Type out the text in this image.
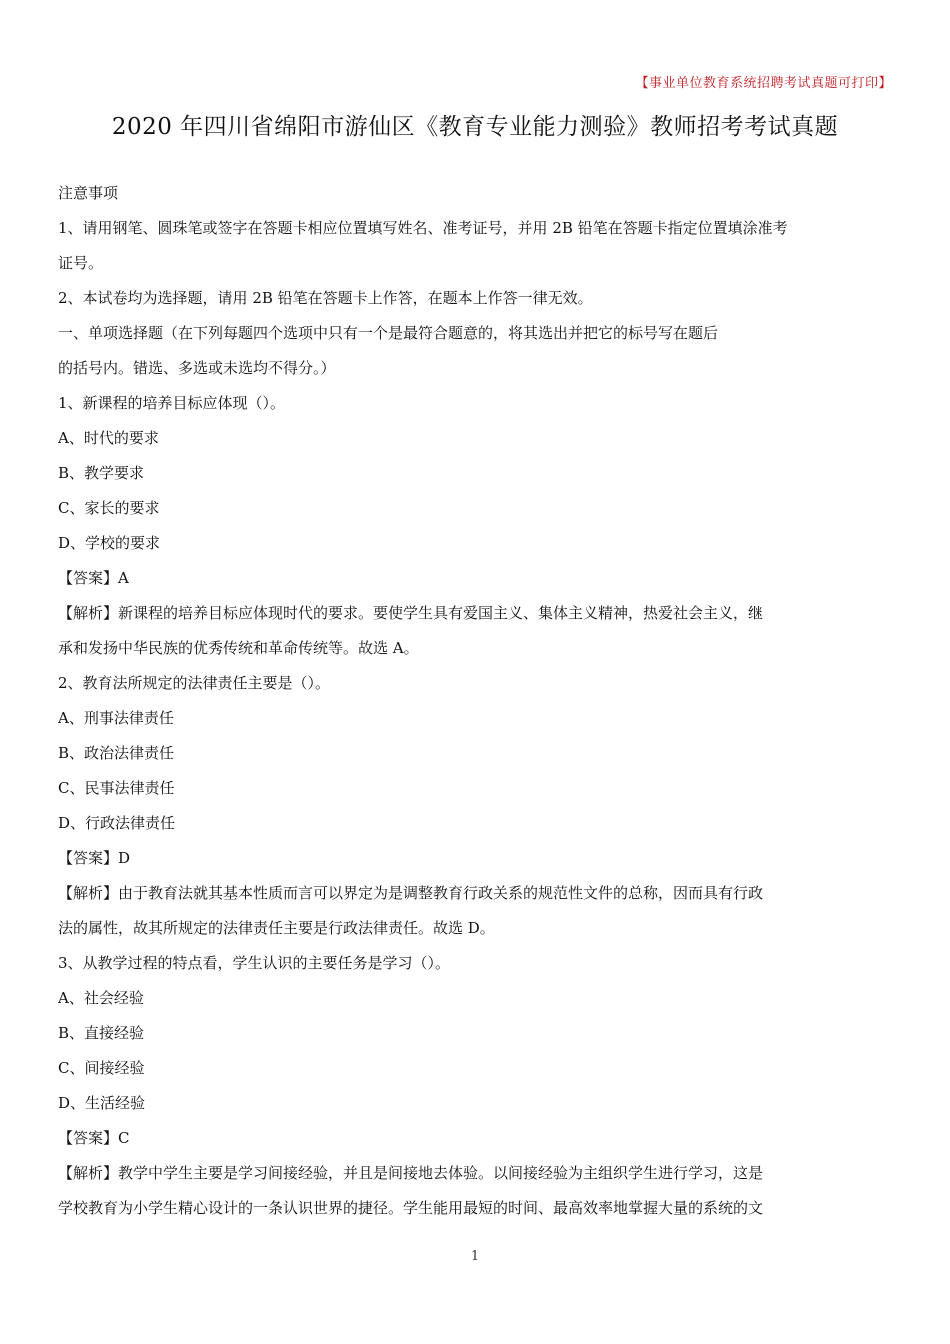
【事业单位教育系统招聘考试真题可打印】
2020 年四川省绵阳市游仙区《教育专业能力测验》教师招考考试真题
注意事项
1、请用钢笔、圆珠笔或签字在答题卡相应位置填写姓名、准考证号，并用 2B 铅笔在答题卡指定位置填涂准考
证号。
2、本试卷均为选择题，请用 2B 铅笔在答题卡上作答，在题本上作答一律无效。
一、单项选择题（在下列每题四个选项中只有一个是最符合题意的，将其选出并把它的标号写在题后
的括号内。错选、多选或未选均不得分。）
1、新课程的培养目标应体现（）。
A、时代的要求
B、教学要求
C、家长的要求
D、学校的要求
【答案】A
【解析】新课程的培养目标应体现时代的要求。要使学生具有爱国主义、集体主义精神，热爱社会主义，继
承和发扬中华民族的优秀传统和革命传统等。故选 A。
2、教育法所规定的法律责任主要是（）。
A、刑事法律责任
B、政治法律责任
C、民事法律责任
D、行政法律责任
【答案】D
【解析】由于教育法就其基本性质而言可以界定为是调整教育行政关系的规范性文件的总称，因而具有行政
法的属性，故其所规定的法律责任主要是行政法律责任。故选 D。
3、从教学过程的特点看，学生认识的主要任务是学习（）。
A、社会经验
B、直接经验
C、间接经验
D、生活经验
【答案】C
【解析】教学中学生主要是学习间接经验，并且是间接地去体验。以间接经验为主组织学生进行学习，这是
学校教育为小学生精心设计的一条认识世界的捷径。学生能用最短的时间、最高效率地掌握大量的系统的文
1
